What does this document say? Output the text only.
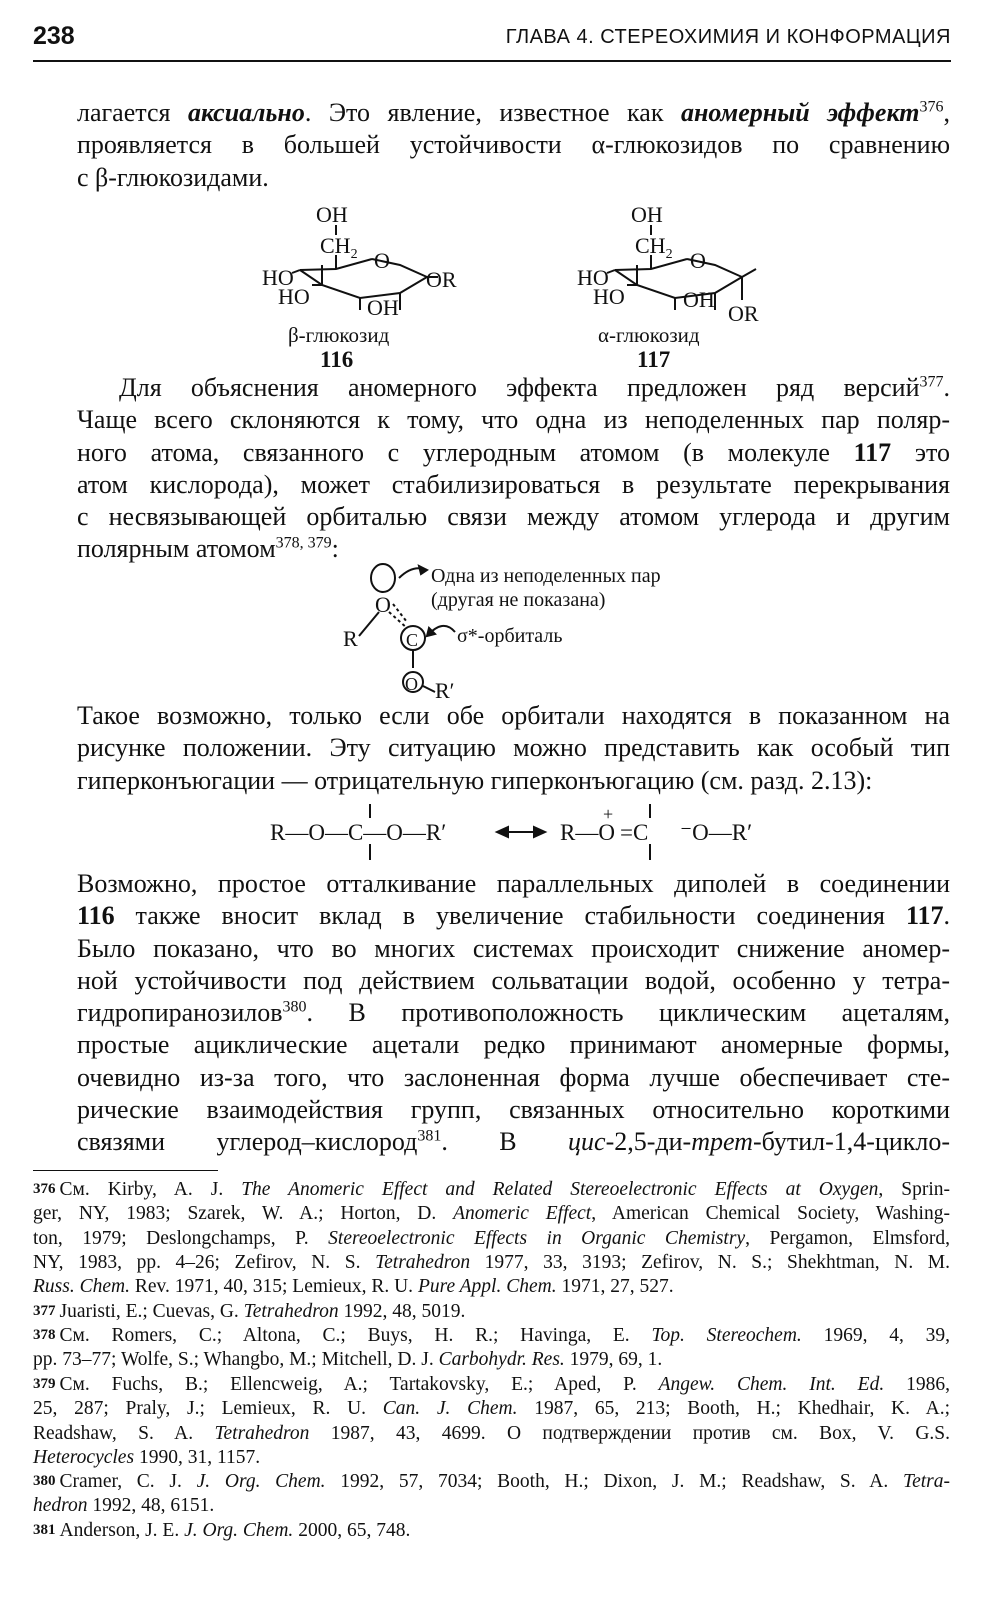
238	ГЛАВА 4. СТЕРЕОХИМИЯ И КОНФОРМАЦИЯ
лагается аксиально. Это явление, известное как аномерный эффект$^{376}$,
проявляется в большей устойчивости α-глюкозидов по сравнению
с β-глюкозидами.
OH
$CH_2$ O
HO
HO	OH
OR
β-глюкозид
116
OH
$CH_2$ O
HO
HO	OH
OR
α-глюкозид
117
Для объяснения аномерного эффекта предложен ряд версий$^{377}$.
Чаще всего склоняются к тому, что одна из неподеленных пар поляр-
ного атома, связанного с углеродным атомом (в молекуле 117 это
атом кислорода), может стабилизироваться в результате перекрывания
с несвязывающей орбиталью связи между атомом углерода и другим
полярным атомом$^{378, 379}$:
O
C
O
R
R′
Одна из неподеленных пар
(другая не показана)
σ*-орбиталь
Такое возможно, только если обе орбитали находятся в показанном на
рисунке положении. Эту ситуацию можно представить как особый тип
гиперконъюгации — отрицательную гиперконъюгацию (см. разд. 2.13):
R—O—C—O—R′	R—O =C ⁻O—R′
+
Возможно, простое отталкивание параллельных диполей в соединении
116 также вносит вклад в увеличение стабильности соединения 117.
Было показано, что во многих системах происходит снижение аномер-
ной устойчивости под действием сольватации водой, особенно у тетра-
гидропиранозилов$^{380}$. В противоположность циклическим ацеталям,
простые ациклические ацетали редко принимают аномерные формы,
очевидно из-за того, что заслоненная форма лучше обеспечивает сте-
рические взаимодействия групп, связанных относительно короткими
связями углерод–кислород$^{381}$. В цис-2,5-ди-трет-бутил-1,4-цикло-
376 См. Kirby, A. J. The Anomeric Effect and Related Stereoelectronic Effects at Oxygen, Sprin-
ger, NY, 1983; Szarek, W. A.; Horton, D. Anomeric Effect, American Chemical Society, Washing-
ton, 1979; Deslongchamps, P. Stereoelectronic Effects in Organic Chemistry, Pergamon, Elmsford,
NY, 1983, pp. 4–26; Zefirov, N. S. Tetrahedron 1977, 33, 3193; Zefirov, N. S.; Shekhtman, N. M.
Russ. Chem. Rev. 1971, 40, 315; Lemieux, R. U. Pure Appl. Chem. 1971, 27, 527.
377 Juaristi, E.; Cuevas, G. Tetrahedron 1992, 48, 5019.
378 См. Romers, C.; Altona, C.; Buys, H. R.; Havinga, E. Top. Stereochem. 1969, 4, 39,
pp. 73–77; Wolfe, S.; Whangbo, M.; Mitchell, D. J. Carbohydr. Res. 1979, 69, 1.
379 См. Fuchs, B.; Ellencweig, A.; Tartakovsky, E.; Aped, P. Angew. Chem. Int. Ed. 1986,
25, 287; Praly, J.; Lemieux, R. U. Can. J. Chem. 1987, 65, 213; Booth, H.; Khedhair, K. A.;
Readshaw, S. A. Tetrahedron 1987, 43, 4699. О подтверждении против см. Box, V. G.S.
Heterocycles 1990, 31, 1157.
380 Cramer, C. J. J. Org. Chem. 1992, 57, 7034; Booth, H.; Dixon, J. M.; Readshaw, S. A. Tetra-
hedron 1992, 48, 6151.
381 Anderson, J. E. J. Org. Chem. 2000, 65, 748.
